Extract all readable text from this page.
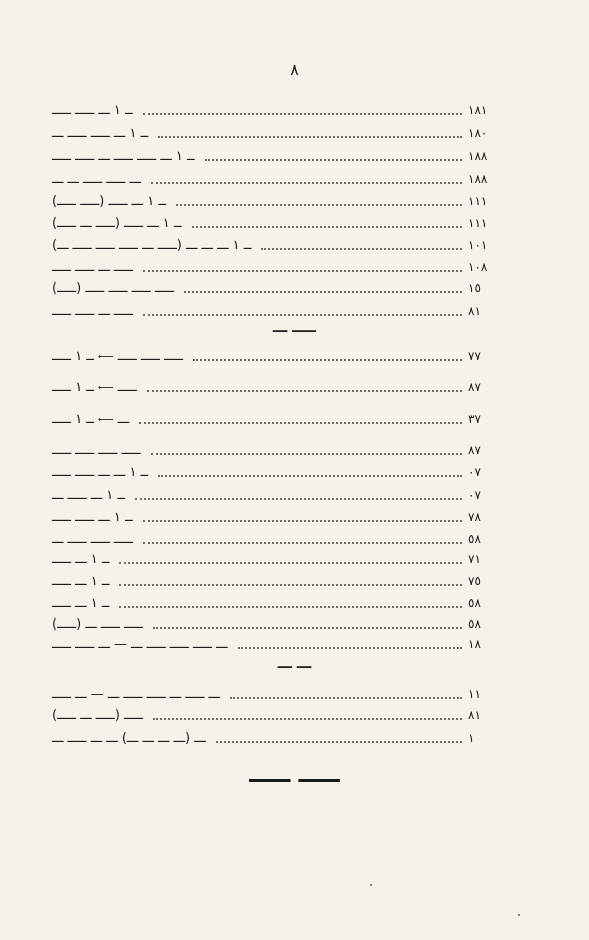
٨
١٨١
ــ ١ ـــ ـــــ ـــــ
١٨٠
ــ ١ ـــ ـــــ ـــــ ـــ
١٨٨
ــ ١ ـــ ـــــ ـــــ ـــ ـــــ ـــــ
١٨٨
ـــ ـــــ ـــــ ـــ ـــ
١١١
ــ ١ ـــ ـــــ (ـــــ ـــــ)
١١١
ــ ١ ـــ ـــــ (ـــــ ـــ ـــــ)
١٠١
ــ ١ ـــ ـــ ـــ (ـــــ ـــ ـــــ ـــــ ـــــ ـــ)
١٠٨
ـــــ ـــ ـــــ ـــــ
١٥
ـــــ ـــــ ـــــ ـــــ (ـــــ)
٨١
ـــــ ـــ ـــــ ـــــ
ـــــ ـــ
٧٧
ـــــ ـــــ ـــــ
⟵
ــ ١ ـــــ
٨٧
ـــــ
⟵
ــ ١ ـــــ
٣٧
ـــ
⟵
ــ ١ ـــــ
٨٧
ـــــ ـــــ ـــــ ـــــ
٠٧
ــ ١ ـــ ـــ ـــــ ـــــ
٠٧
ــ ١ ـــ ـــــ ـــ
٧٨
ــ ١ ـــ ـــــ ـــــ
٥٨
ـــــ ـــــ ـــــ ـــ
٧١
ــ ١ ـــ ـــــ
٧٥
ــ ١ ـــ ـــــ
٥٨
ــ ١ ـــ ـــــ
٥٨
ـــــ ـــــ ـــ (ـــــ)
١٨
ـــ ـــــ ـــــ ـــــ ـــ — ـــ ـــــ ـــــ
ـــ ـــ
١١
ـــ ـــــ ـــ ـــــ ـــــ ـــ — ـــ ـــــ
٨١
ـــــ (ـــــ ـــ ـــــ)
١
ـــ (ـــ ـــ ـــ ـــ) ـــ ـــ ـــــ ـــ
ـــــ ـــــ
